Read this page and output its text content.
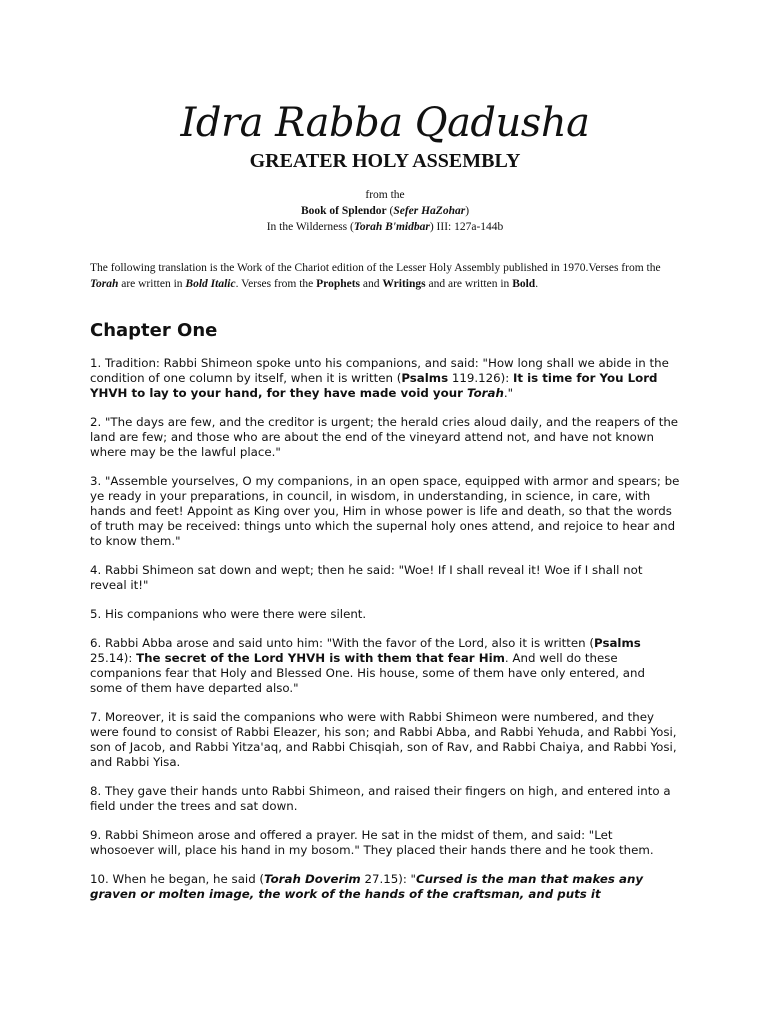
Idra Rabba Qadusha
GREATER HOLY ASSEMBLY
from the
Book of Splendor (Sefer HaZohar)
In the Wilderness (Torah B'midbar) III: 127a-144b

The following translation is the Work of the Chariot edition of the Lesser Holy Assembly published in 1970.Verses from the Torah are written in Bold Italic. Verses from the Prophets and Writings and are written in Bold.

Chapter One

1. Tradition: Rabbi Shimeon spoke unto his companions, and said: "How long shall we abide in the condition of one column by itself, when it is written (Psalms 119.126): It is time for You Lord YHVH to lay to your hand, for they have made void your Torah."

2. "The days are few, and the creditor is urgent; the herald cries aloud daily, and the reapers of the land are few; and those who are about the end of the vineyard attend not, and have not known where may be the lawful place."

3. "Assemble yourselves, O my companions, in an open space, equipped with armor and spears; be ye ready in your preparations, in council, in wisdom, in understanding, in science, in care, with hands and feet! Appoint as King over you, Him in whose power is life and death, so that the words of truth may be received: things unto which the supernal holy ones attend, and rejoice to hear and to know them."

4. Rabbi Shimeon sat down and wept; then he said: "Woe! If I shall reveal it! Woe if I shall not reveal it!"

5. His companions who were there were silent.

6. Rabbi Abba arose and said unto him: "With the favor of the Lord, also it is written (Psalms 25.14): The secret of the Lord YHVH is with them that fear Him. And well do these companions fear that Holy and Blessed One. His house, some of them have only entered, and some of them have departed also."

7. Moreover, it is said the companions who were with Rabbi Shimeon were numbered, and they were found to consist of Rabbi Eleazer, his son; and Rabbi Abba, and Rabbi Yehuda, and Rabbi Yosi, son of Jacob, and Rabbi Yitza'aq, and Rabbi Chisqiah, son of Rav, and Rabbi Chaiya, and Rabbi Yosi, and Rabbi Yisa.

8. They gave their hands unto Rabbi Shimeon, and raised their fingers on high, and entered into a field under the trees and sat down.

9. Rabbi Shimeon arose and offered a prayer. He sat in the midst of them, and said: "Let whosoever will, place his hand in my bosom." They placed their hands there and he took them.

10. When he began, he said (Torah Doverim 27.15): "Cursed is the man that makes any graven or molten image, the work of the hands of the craftsman, and puts it
